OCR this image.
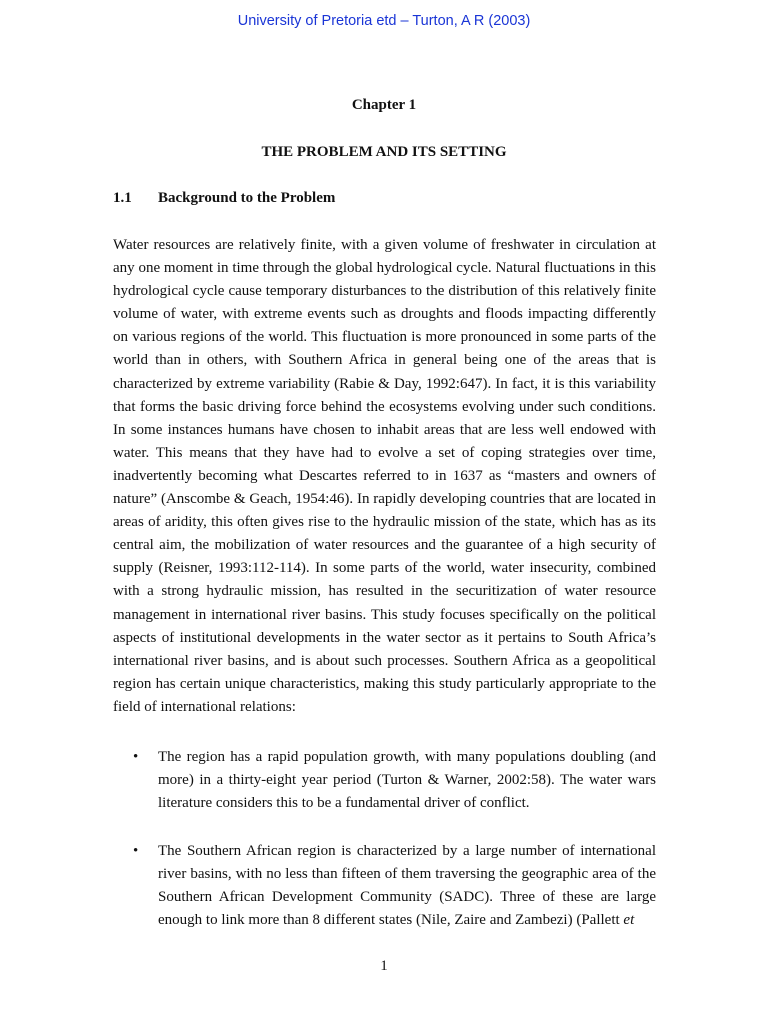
University of Pretoria etd – Turton, A R (2003)
Chapter 1
THE PROBLEM AND ITS SETTING
1.1 Background to the Problem

Water resources are relatively finite, with a given volume of freshwater in circulation at any one moment in time through the global hydrological cycle. Natural fluctuations in this hydrological cycle cause temporary disturbances to the distribution of this relatively finite volume of water, with extreme events such as droughts and floods impacting differently on various regions of the world. This fluctuation is more pronounced in some parts of the world than in others, with Southern Africa in general being one of the areas that is characterized by extreme variability (Rabie & Day, 1992:647). In fact, it is this variability that forms the basic driving force behind the ecosystems evolving under such conditions. In some instances humans have chosen to inhabit areas that are less well endowed with water. This means that they have had to evolve a set of coping strategies over time, inadvertently becoming what Descartes referred to in 1637 as “masters and owners of nature” (Anscombe & Geach, 1954:46). In rapidly developing countries that are located in areas of aridity, this often gives rise to the hydraulic mission of the state, which has as its central aim, the mobilization of water resources and the guarantee of a high security of supply (Reisner, 1993:112-114). In some parts of the world, water insecurity, combined with a strong hydraulic mission, has resulted in the securitization of water resource management in international river basins. This study focuses specifically on the political aspects of institutional developments in the water sector as it pertains to South Africa’s international river basins, and is about such processes. Southern Africa as a geopolitical region has certain unique characteristics, making this study particularly appropriate to the field of international relations:

• The region has a rapid population growth, with many populations doubling (and more) in a thirty-eight year period (Turton & Warner, 2002:58). The water wars literature considers this to be a fundamental driver of conflict.
• The Southern African region is characterized by a large number of international river basins, with no less than fifteen of them traversing the geographic area of the Southern African Development Community (SADC). Three of these are large enough to link more than 8 different states (Nile, Zaire and Zambezi) (Pallett et
1
